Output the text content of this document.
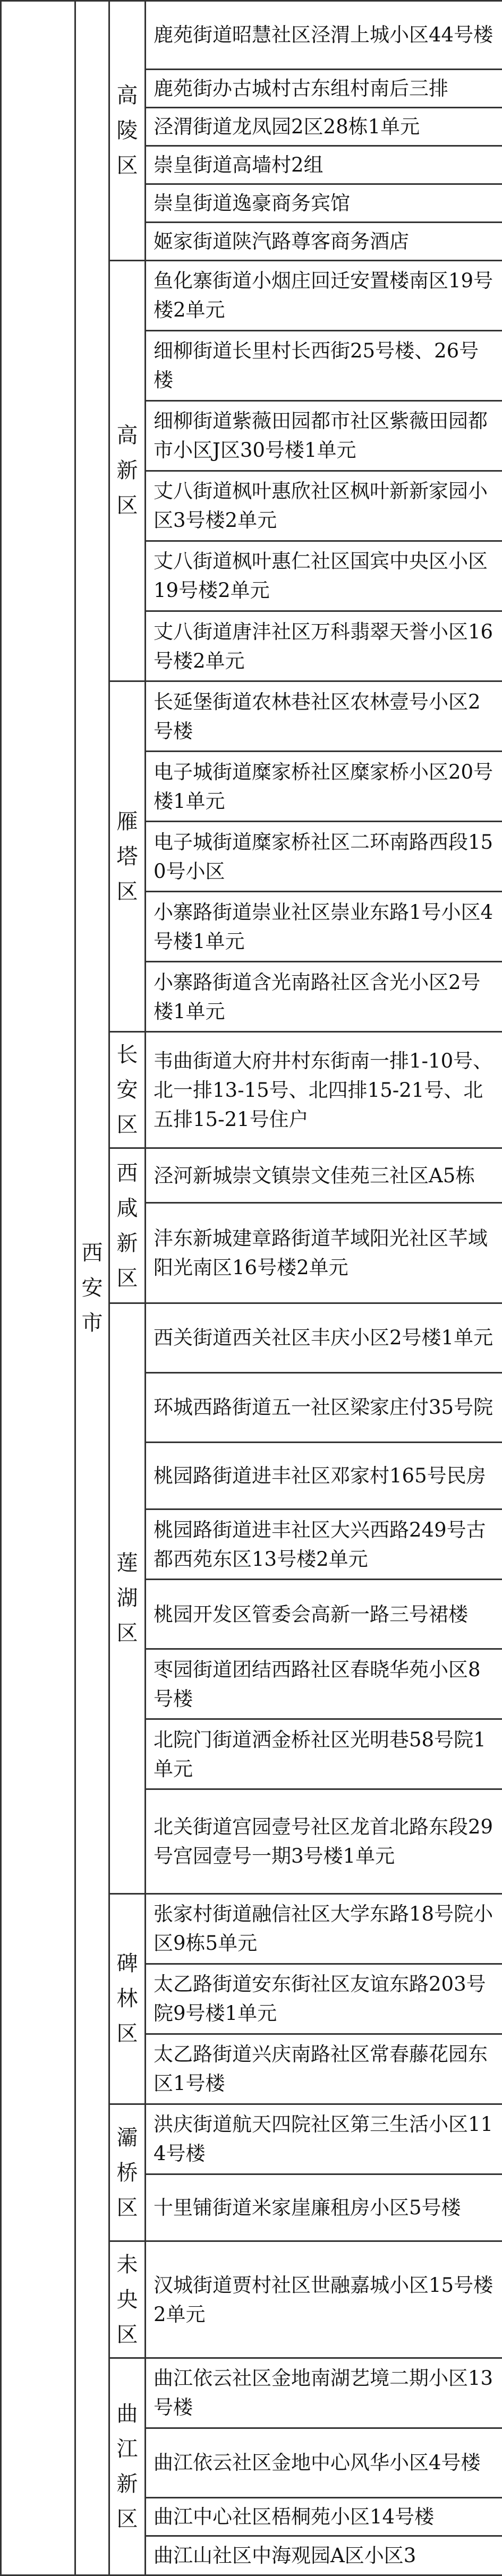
	西安市	高陵区	鹿苑街道昭慧社区泾渭上城小区44号楼
			鹿苑街办古城村古东组村南后三排
			泾渭街道龙凤园2区28栋1单元
			崇皇街道高墙村2组
			崇皇街道逸豪商务宾馆
			姬家街道陕汽路尊客商务酒店
		高新区	鱼化寨街道小烟庄回迁安置楼南区19号楼2单元
			细柳街道长里村长西街25号楼、26号楼
			细柳街道紫薇田园都市社区紫薇田园都市小区J区30号楼1单元
			丈八街道枫叶惠欣社区枫叶新新家园小区3号楼2单元
			丈八街道枫叶惠仁社区国宾中央区小区19号楼2单元
			丈八街道唐沣社区万科翡翠天誉小区16号楼2单元
		雁塔区	长延堡街道农林巷社区农林壹号小区2号楼
			电子城街道糜家桥社区糜家桥小区20号楼1单元
			电子城街道糜家桥社区二环南路西段150号小区
			小寨路街道崇业社区崇业东路1号小区4号楼1单元
			小寨路街道含光南路社区含光小区2号楼1单元
		长安区	韦曲街道大府井村东街南一排1-10号、北一排13-15号、北四排15-21号、北五排15-21号住户
		西咸新区	泾河新城崇文镇崇文佳苑三社区A5栋
			沣东新城建章路街道芊域阳光社区芊域阳光南区16号楼2单元
		莲湖区	西关街道西关社区丰庆小区2号楼1单元
			环城西路街道五一社区梁家庄付35号院
			桃园路街道进丰社区邓家村165号民房
			桃园路街道进丰社区大兴西路249号古都西苑东区13号楼2单元
			桃园开发区管委会高新一路三号裙楼
			枣园街道团结西路社区春晓华苑小区8号楼
			北院门街道洒金桥社区光明巷58号院1单元
			北关街道宫园壹号社区龙首北路东段29号宫园壹号一期3号楼1单元
		碑林区	张家村街道融信社区大学东路18号院小区9栋5单元
			太乙路街道安东街社区友谊东路203号院9号楼1单元
			太乙路街道兴庆南路社区常春藤花园东区1号楼
		灞桥区	洪庆街道航天四院社区第三生活小区114号楼
			十里铺街道米家崖廉租房小区5号楼
		未央区	汉城街道贾村社区世融嘉城小区15号楼2单元
		曲江新区	曲江依云社区金地南湖艺境二期小区13号楼
			曲江依云社区金地中心风华小区4号楼
			曲江中心社区梧桐苑小区14号楼
			曲江山社区中海观园A区小区3
